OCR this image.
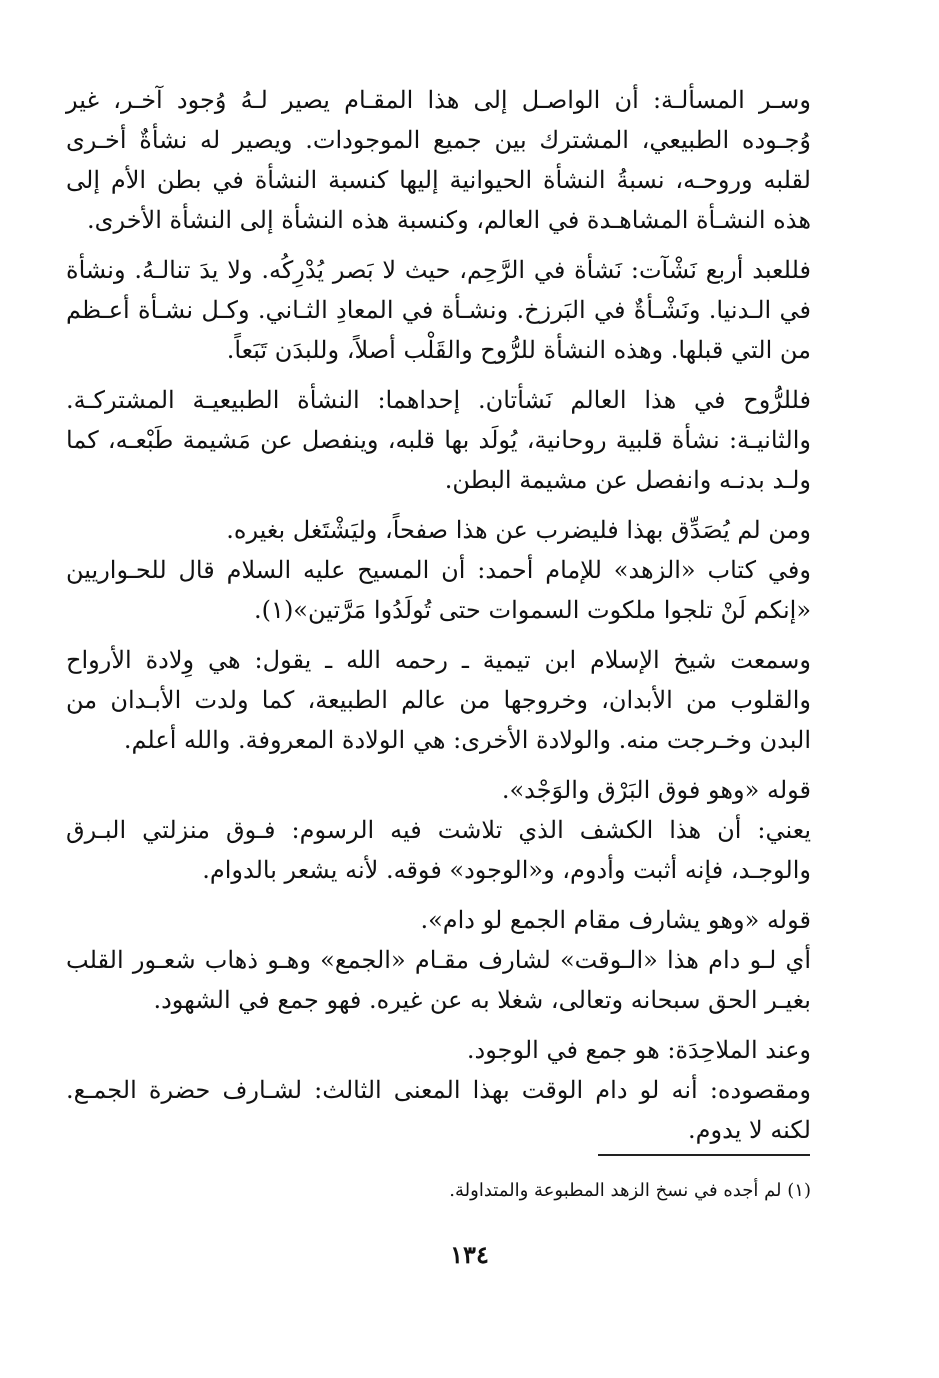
وسـر المسألـة: أن الواصـل إلى هذا المقـام يصير لـهُ وُجود آخـر، غير وُجـوده الطبيعي، المشترك بين جميع الموجودات. ويصير له نشأةٌ أخـرى لقلبه وروحـه، نسبةُ النشأة الحيوانية إليها كنسبة النشأة في بطن الأم إلى هذه النشـأة المشاهـدة في العالم، وكنسبة هذه النشأة إلى النشأة الأخرى.

فللعبد أربع نَشْآت: نَشأة في الرَّحِم، حيث لا بَصر يُدْرِكُه. ولا يدَ تنالـهُ. ونشأة في الـدنيا. ونَشْـأةٌ في البَرزخ. ونشـأة في المعادِ الثـاني. وكـل نشـأة أعـظم من التي قبلها. وهذه النشأة للرُّوح والقَلْب أصلاً، وللبدَن تَبَعاً.

فللرُّوح في هذا العالم نَشأتان. إحداهما: النشأة الطبيعيـة المشتركـة. والثانيـة: نشأة قلبية روحانية، يُولَد بها قلبه، وينفصل عن مَشيمة طَبْعـه، كما ولـد بدنـه وانفصل عن مشيمة البطن.

ومن لم يُصَدِّق بهذا فليضرب عن هذا صفحاً، وليَشْتَغل بغيره.

وفي كتاب «الزهد» للإمام أحمد: أن المسيح عليه السلام قال للحـواريين «إنكم لَنْ تلجوا ملكوت السموات حتى تُولَدُوا مَرَّتين»(١).

وسمعت شيخ الإسلام ابن تيمية ـ رحمه الله ـ يقول: هي وِلادة الأرواح والقلوب من الأبدان، وخروجها من عالم الطبيعة، كما ولدت الأبـدان من البدن وخـرجت منه. والولادة الأخرى: هي الولادة المعروفة. والله أعلم.

قوله «وهو فوق البَرْق والوَجْد».

يعني: أن هذا الكشف الذي تلاشت فيه الرسوم: فـوق منزلتي البـرق والوجـد، فإنه أثبت وأدوم، و«الوجود» فوقه. لأنه يشعر بالدوام.

قوله «وهو يشارف مقام الجمع لو دام».

أي لـو دام هذا «الـوقت» لشارف مقـام «الجمع» وهـو ذهاب شعـور القلب بغيـر الحق سبحانه وتعالى، شغلا به عن غيره. فهو جمع في الشهود.

وعند الملاحِدَة: هو جمع في الوجود.

ومقصوده: أنه لو دام الوقت بهذا المعنى الثالث: لشـارف حضرة الجمـع. لكنه لا يدوم.

(١) لم أجده في نسخ الزهد المطبوعة والمتداولة.
١٣٤
